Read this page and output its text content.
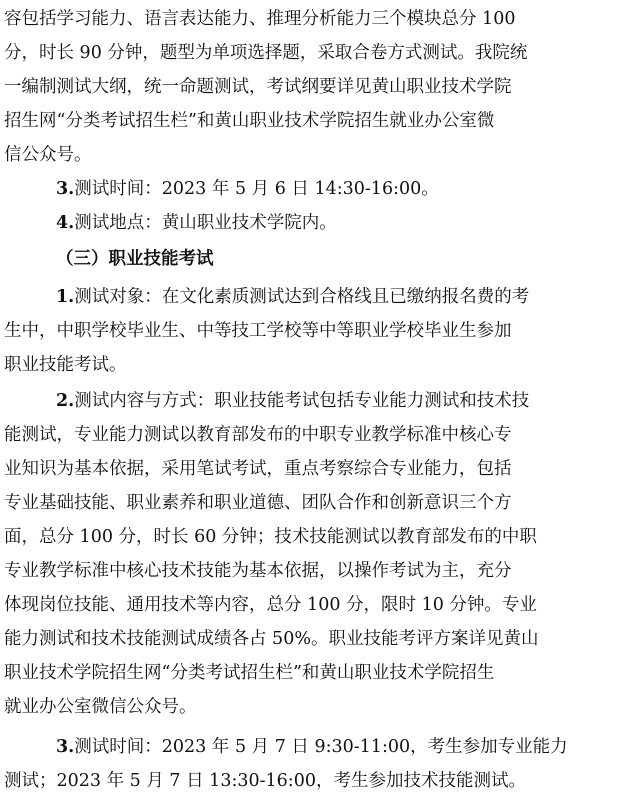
容包括学习能力、语言表达能力、推理分析能力三个模块总分 100
分，时长 90 分钟，题型为单项选择题，采取合卷方式测试。我院统
一编制测试大纲，统一命题测试，考试纲要详见黄山职业技术学院
招生网“分类考试招生栏”和黄山职业技术学院招生就业办公室微
信公众号。
3.测试时间：2023 年 5 月 6 日 14:30-16:00。
4.测试地点：黄山职业技术学院内。
（三）职业技能考试
1.测试对象：在文化素质测试达到合格线且已缴纳报名费的考
生中，中职学校毕业生、中等技工学校等中等职业学校毕业生参加
职业技能考试。
2.测试内容与方式：职业技能考试包括专业能力测试和技术技
能测试，专业能力测试以教育部发布的中职专业教学标准中核心专
业知识为基本依据，采用笔试考试，重点考察综合专业能力，包括
专业基础技能、职业素养和职业道德、团队合作和创新意识三个方
面，总分 100 分，时长 60 分钟；技术技能测试以教育部发布的中职
专业教学标准中核心技术技能为基本依据，以操作考试为主，充分
体现岗位技能、通用技术等内容，总分 100 分，限时 10 分钟。专业
能力测试和技术技能测试成绩各占 50%。职业技能考评方案详见黄山
职业技术学院招生网“分类考试招生栏”和黄山职业技术学院招生
就业办公室微信公众号。
3.测试时间：2023 年 5 月 7 日 9:30-11:00，考生参加专业能力
测试；2023 年 5 月 7 日 13:30-16:00，考生参加技术技能测试。
